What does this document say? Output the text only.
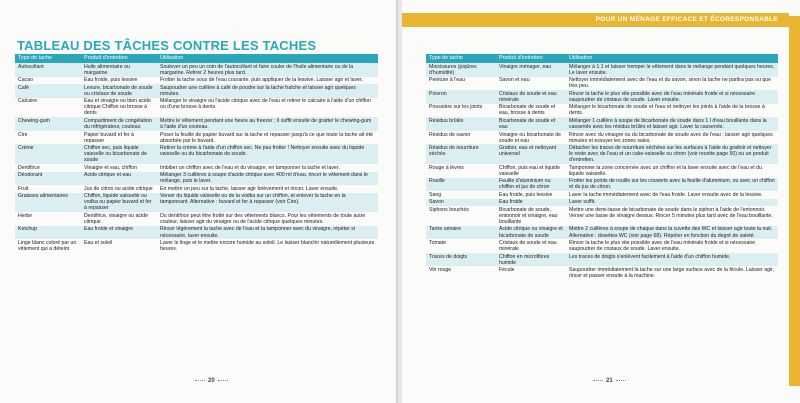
TABLEAU DES TÂCHES CONTRE LES TACHES
Type de tache	Produit d'entretien	Utilisation
Autocollant	Huile alimentaire ou margarine	Soulever un peu un coin de l'autocollant et faire couler de l'huile alimentaire ou de la margarine. Retirer 2 heures plus tard.
Cacao	Eau froide, puis lessive	Frotter la tache sous de l'eau courante, puis appliquer de la lessive. Laisser agir et laver.
Café	Levure, bicarbonate de soude ou cristaux de soude	Saupoudrer une cuillère à café de poudre sur la tache fraîche et laisser agir quelques minutes.
Calcaire	Eau et vinaigre ou bien acide citrique Chiffon ou brosse à dents	Mélanger le vinaigre ou l'acide citrique avec de l'eau et retirer le calcaire à l'aide d'un chiffon ou d'une brosse à dents.
Chewing-gum	Compartiment de congélation du réfrigérateur, couteau	Mettre le vêtement pendant une heure au freezer ; il suffit ensuite de gratter le chewing-gum à l'aide d'un couteau.
Cire	Papier buvard et fer à repasser	Poser la feuille de papier buvard sur la tache et repasser jusqu'à ce que toute la tache ait été absorbée par le buvard.
Crème	Chiffon sec, puis liquide vaisselle ou bicarbonate de soude	Retirer la crème à l'aide d'un chiffon sec. Ne pas frotter ! Nettoyer ensuite avec du liquide vaisselle ou du bicarbonate de soude.
Dentifrice	Vinaigre et eau, chiffon	Imbiber un chiffon avec de l'eau et du vinaigre, en tamponner la tache et laver.
Déodorant	Acide citrique et eau	Mélanger 3 cuillères à soupe d'acide citrique avec 400 ml d'eau, rincer le vêtement dans le mélange, puis le laver.
Fruit	Jus de citron ou acide citrique	En mettre un peu sur la tache, laisser agir brièvement et rincer. Laver ensuite.
Graisses alimentaires	Chiffon, liquide vaisselle ou vodka ou papier buvard et fer à repasser	Verser du liquide vaisselle ou de la vodka sur un chiffon, et enlever la tache en la tamponnant. Alternative : buvard et fer à repasser (voir Cire).
Herbe	Dentifrice, vinaigre ou acide citrique	Du dentifrice peut être frotté sur des vêtements blancs. Pour les vêtements de toute autre couleur, laisser agir du vinaigre ou de l'acide citrique quelques minutes.
Ketchup	Eau froide et vinaigre	Rincer légèrement la tache avec de l'eau et la tamponner avec du vinaigre, répéter si nécessaire, laver ensuite.
Linge blanc coloré par un vêtement qui a déteint	Eau et soleil	Laver le linge et le mettre encore humide au soleil. Le laisser blanchir naturellement plusieurs heures.
20
POUR UN MÉNAGE EFFICACE ET ÉCORESPONSABLE
Type de tache	Produit d'entretien	Utilisation
Moisissures (piqûres d'humidité)	Vinaigre ménager, eau	Mélanger à 1:1 et laisser tremper le vêtement dans le mélange pendant quelques heures. Le laver ensuite.
Peinture à l'eau	Savon et eau	Nettoyer immédiatement avec de l'eau et du savon, sinon la tache ne partira pas ou que très peu.
Poivron	Cristaux de soude et eau minérale	Rincer la tache le plus vite possible avec de l'eau minérale froide et si nécessaire saupoudrer de cristaux de soude. Laver ensuite.
Poussière sur les joints	Bicarbonate de soude et eau, brosse à dents	Mélanger le bicarbonate de soude et l'eau et nettoyer les joints à l'aide de la brosse à dents.
Résidus brûlés	Bicarbonate de soude et eau	Mélanger 1 cuillère à soupe de bicarbonate de soude dans 1 l d'eau bouillante dans la casserole avec les résidus brûlés et laisser agir. Laver la casserole.
Résidus de savon	Vinaigre ou bicarbonate de soude et eau	Rincer avec du vinaigre ou du bicarbonate de soude avec de l'eau ; laisser agir quelques minutes et essuyer les zones sales.
Résidus de nourriture séchés	Grattoir, eau et nettoyant universel	Détacher les traces de nourriture séchées sur les surfaces à l'aide du grattoir et nettoyer le reste avec de l'eau et un cake-vaisselle ou citron (voir recette page 50) ou un produit d'entretien.
Rouge à lèvres	Chiffon, puis eau et liquide vaisselle	Tamponner la zone concernée avec un chiffon et la laver ensuite avec de l'eau et du liquide vaisselle.
Rouille	Feuille d'aluminium ou chiffon et jus de citron	Frotter les points de rouille sur les couverts avec la feuille d'aluminium, ou avec un chiffon et du jus de citron.
Sang	Eau froide, puis lessive	Laver la tache immédiatement avec de l'eau froide. Laver ensuite avec de la lessive.
Savon	Eau froide	Laver suffit.
Siphons bouchés	Bicarbonate de soude, entonnoir et vinaigre, eau bouillante	Mettre une demi-tasse de bicarbonate de soude dans le siphon à l'aide de l'entonnoir. Verser une tasse de vinaigre dessus. Rincer 5 minutes plus tard avec de l'eau bouillante.
Tartre urinaire	Acide citrique ou vinaigre et bicarbonate de soude	Mettre 2 cuillères à soupe de chaque dans la cuvette des WC et laisser agir toute la nuit. Alternative : dosettes WC (voir page 68). Répéter en fonction du degré de saleté.
Tomate	Cristaux de soude et eau minérale	Rincer la tache le plus vite possible avec de l'eau minérale froide et si nécessaire saupoudrer de cristaux de soude. Laver ensuite.
Traces de doigts	Chiffon en microfibres humide	Les traces de doigts s'enlèvent facilement à l'aide d'un chiffon humide.
Vin rouge	Fécule	Saupoudrer immédiatement la tache sur une large surface avec de la fécule. Laisser agir, rincer et passer ensuite à la machine.
21
